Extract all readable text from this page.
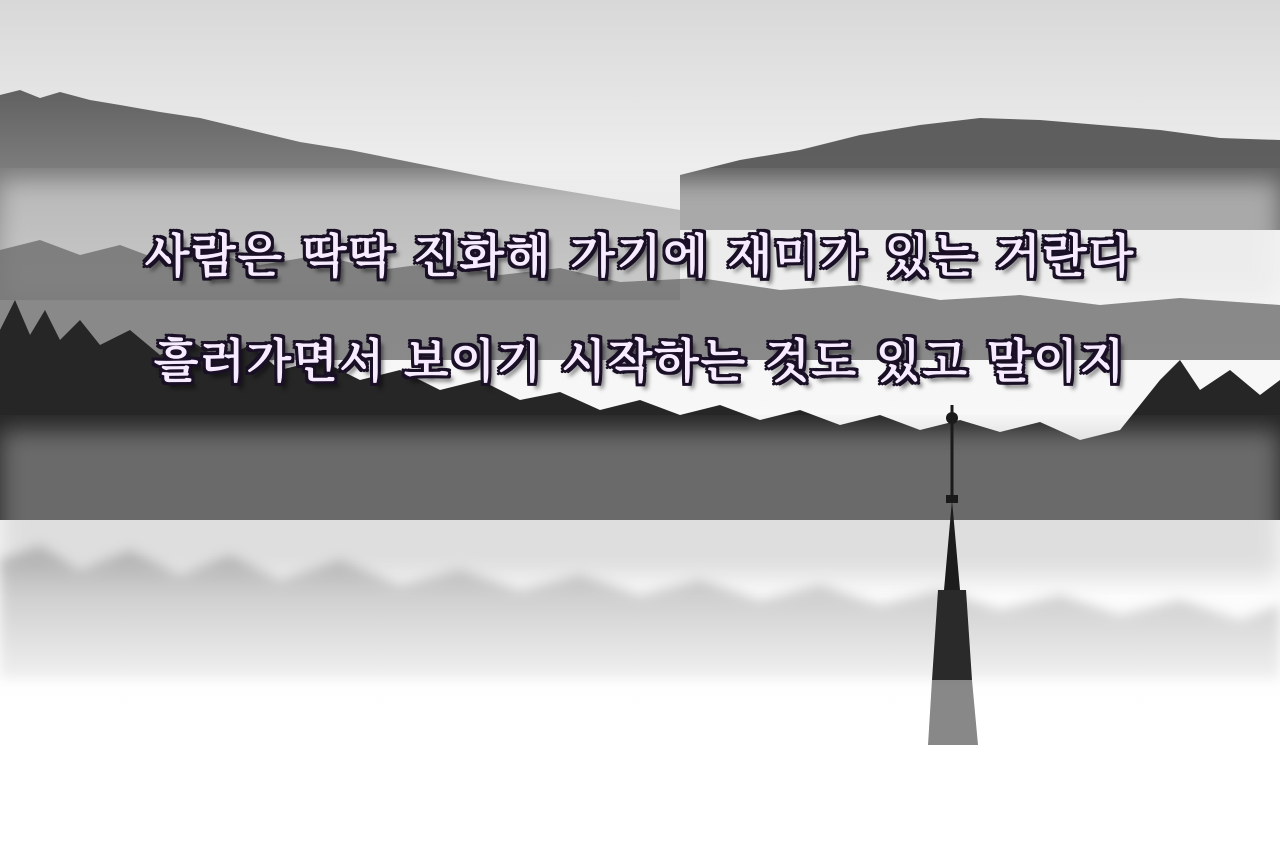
사람은 딱딱 진화해 가기에 재미가 있는 거란다
흘러가면서 보이기 시작하는 것도 있고 말이지
